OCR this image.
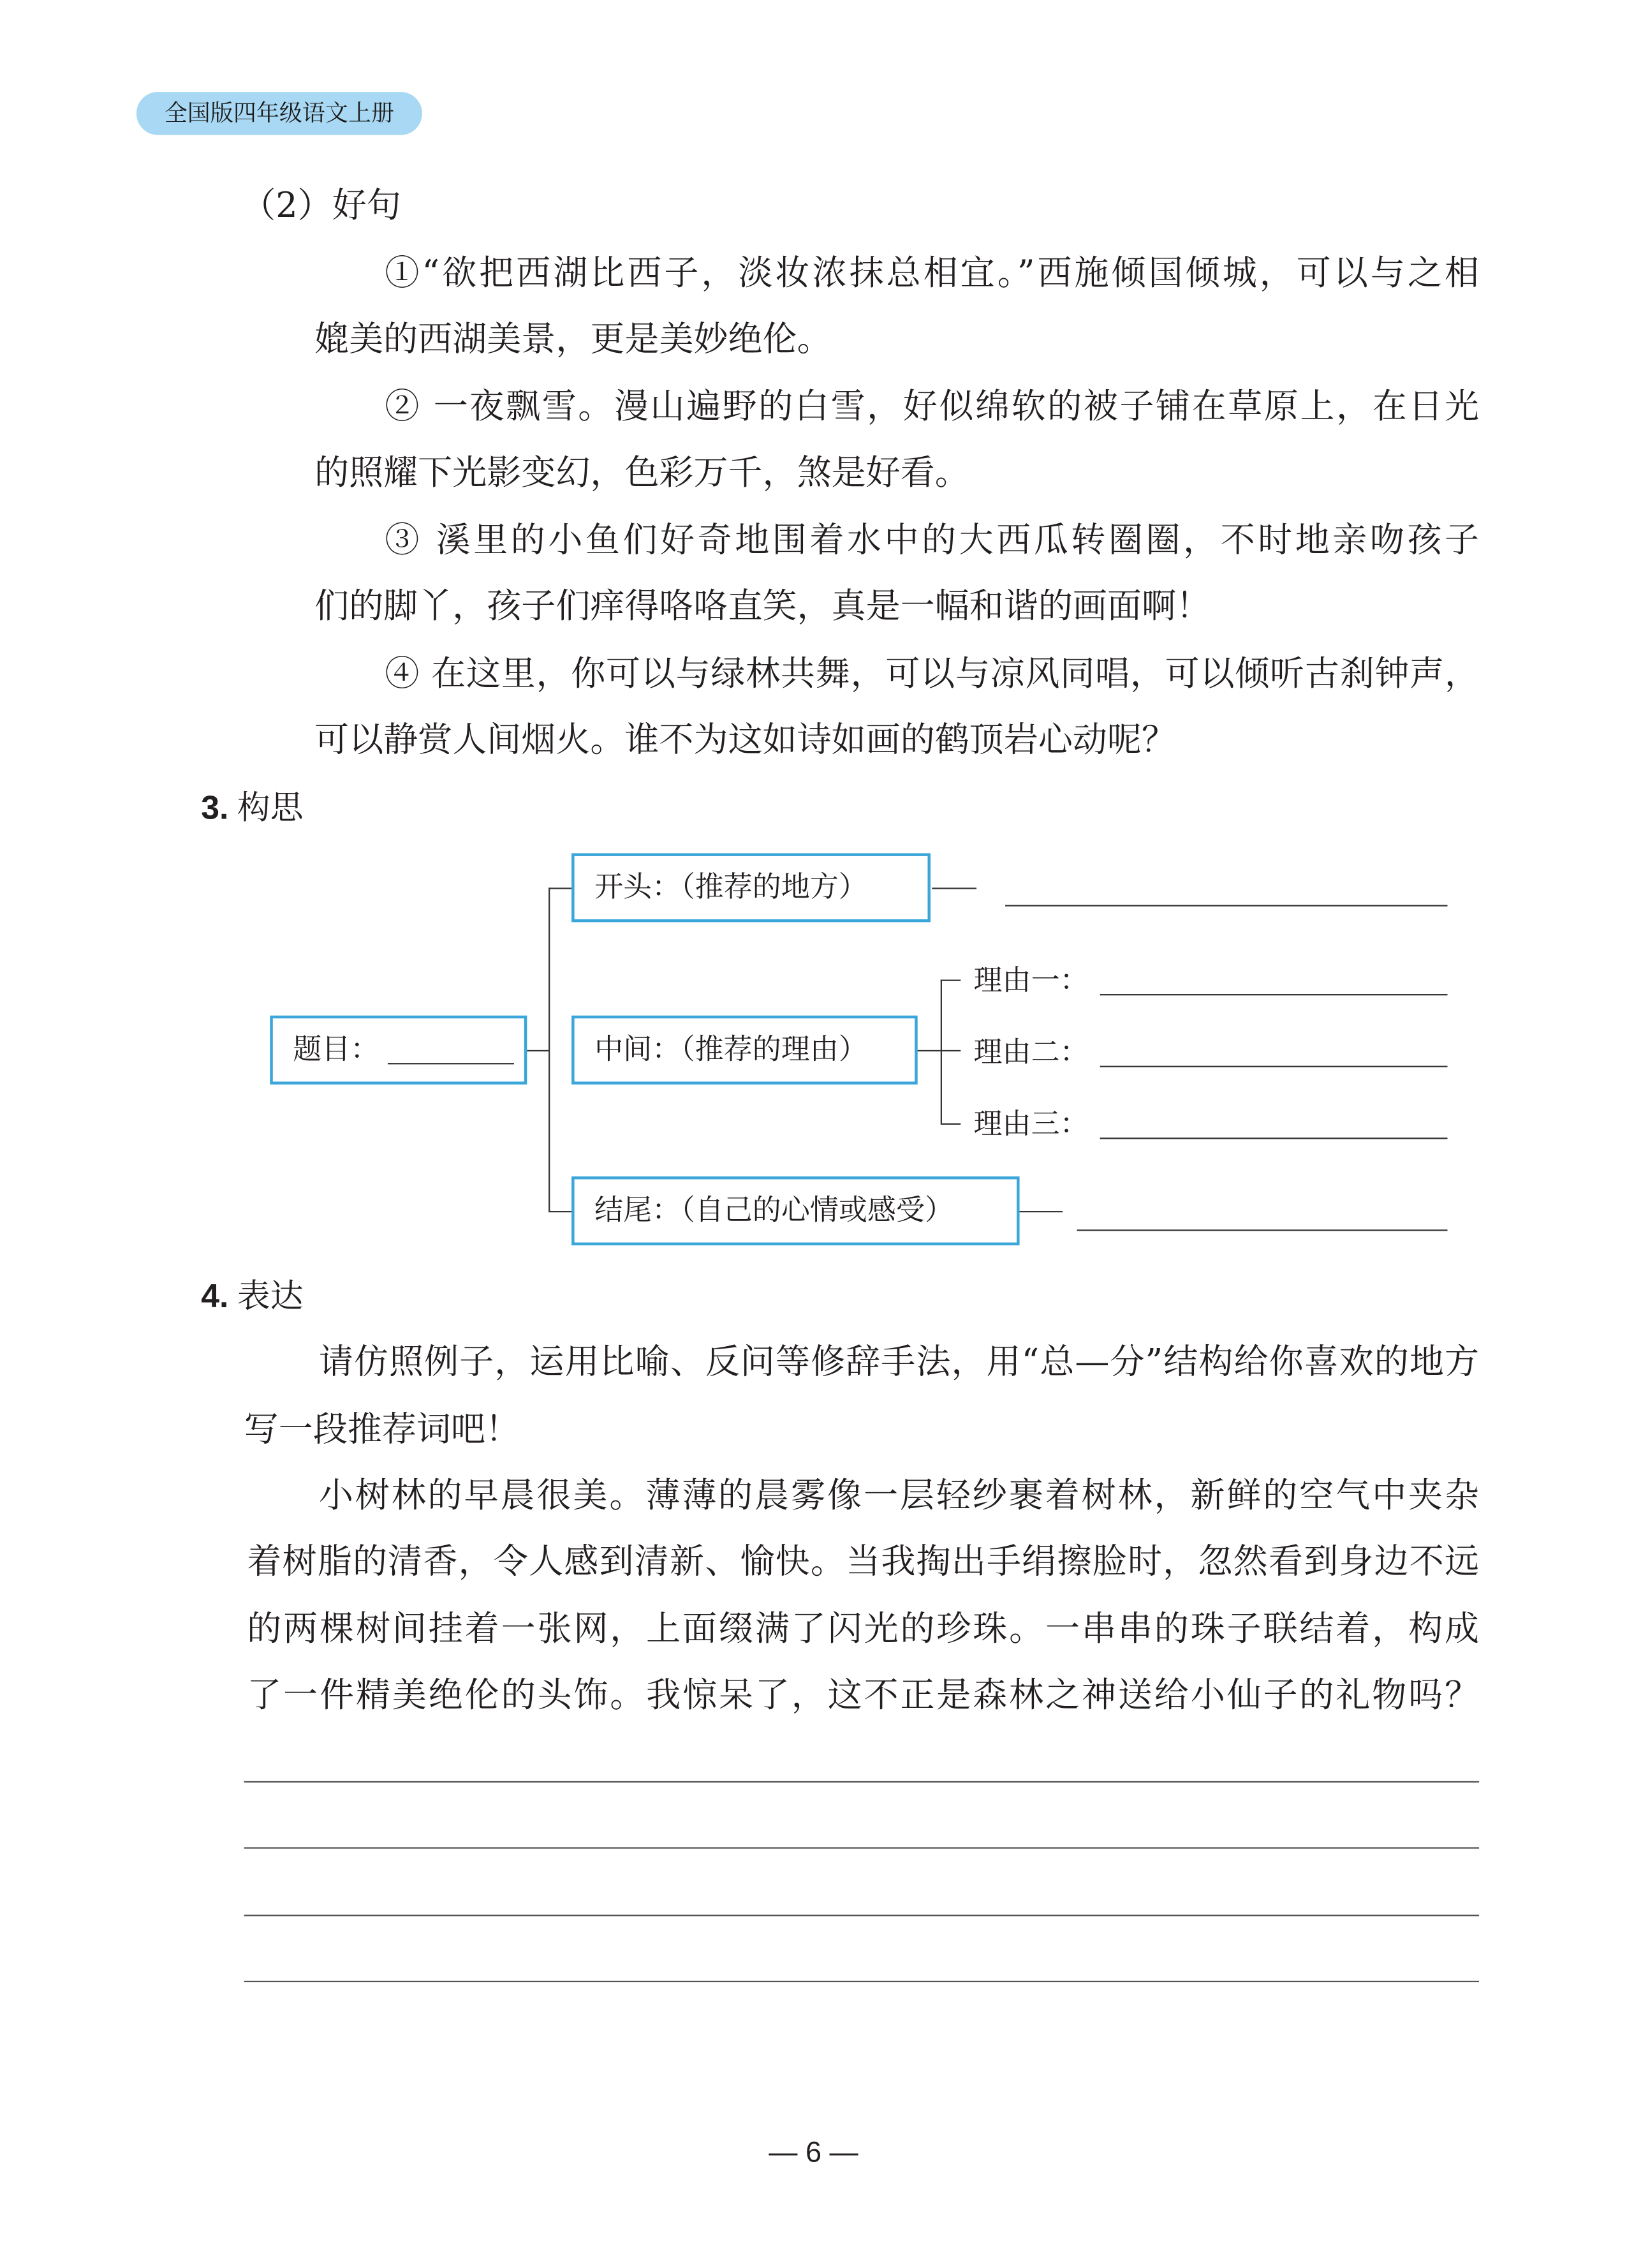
全国版四年级语文上册
（2）好句
①“欲把西湖比西子，淡妆浓抹总相宜。”西施倾国倾城，可以与之相
媲美的西湖美景，更是美妙绝伦。
② 一夜飘雪。漫山遍野的白雪，好似绵软的被子铺在草原上，在日光
的照耀下光影变幻，色彩万千，煞是好看。
③ 溪里的小鱼们好奇地围着水中的大西瓜转圈圈，不时地亲吻孩子
们的脚丫，孩子们痒得咯咯直笑，真是一幅和谐的画面啊！
④ 在这里，你可以与绿林共舞，可以与凉风同唱，可以倾听古刹钟声，
可以静赏人间烟火。谁不为这如诗如画的鹤顶岩心动呢？
3. 构思
题目：
开头：（推荐的地方）
中间：（推荐的理由）
理由一：
理由二：
理由三：
结尾：（自己的心情或感受）
4. 表达
请仿照例子，运用比喻、反问等修辞手法，用“总—分”结构给你喜欢的地方
写一段推荐词吧！
小树林的早晨很美。薄薄的晨雾像一层轻纱裹着树林，新鲜的空气中夹杂
着树脂的清香，令人感到清新、愉快。当我掏出手绢擦脸时，忽然看到身边不远
的两棵树间挂着一张网，上面缀满了闪光的珍珠。一串串的珠子联结着，构成
了一件精美绝伦的头饰。我惊呆了，这不正是森林之神送给小仙子的礼物吗？
— 6 —
